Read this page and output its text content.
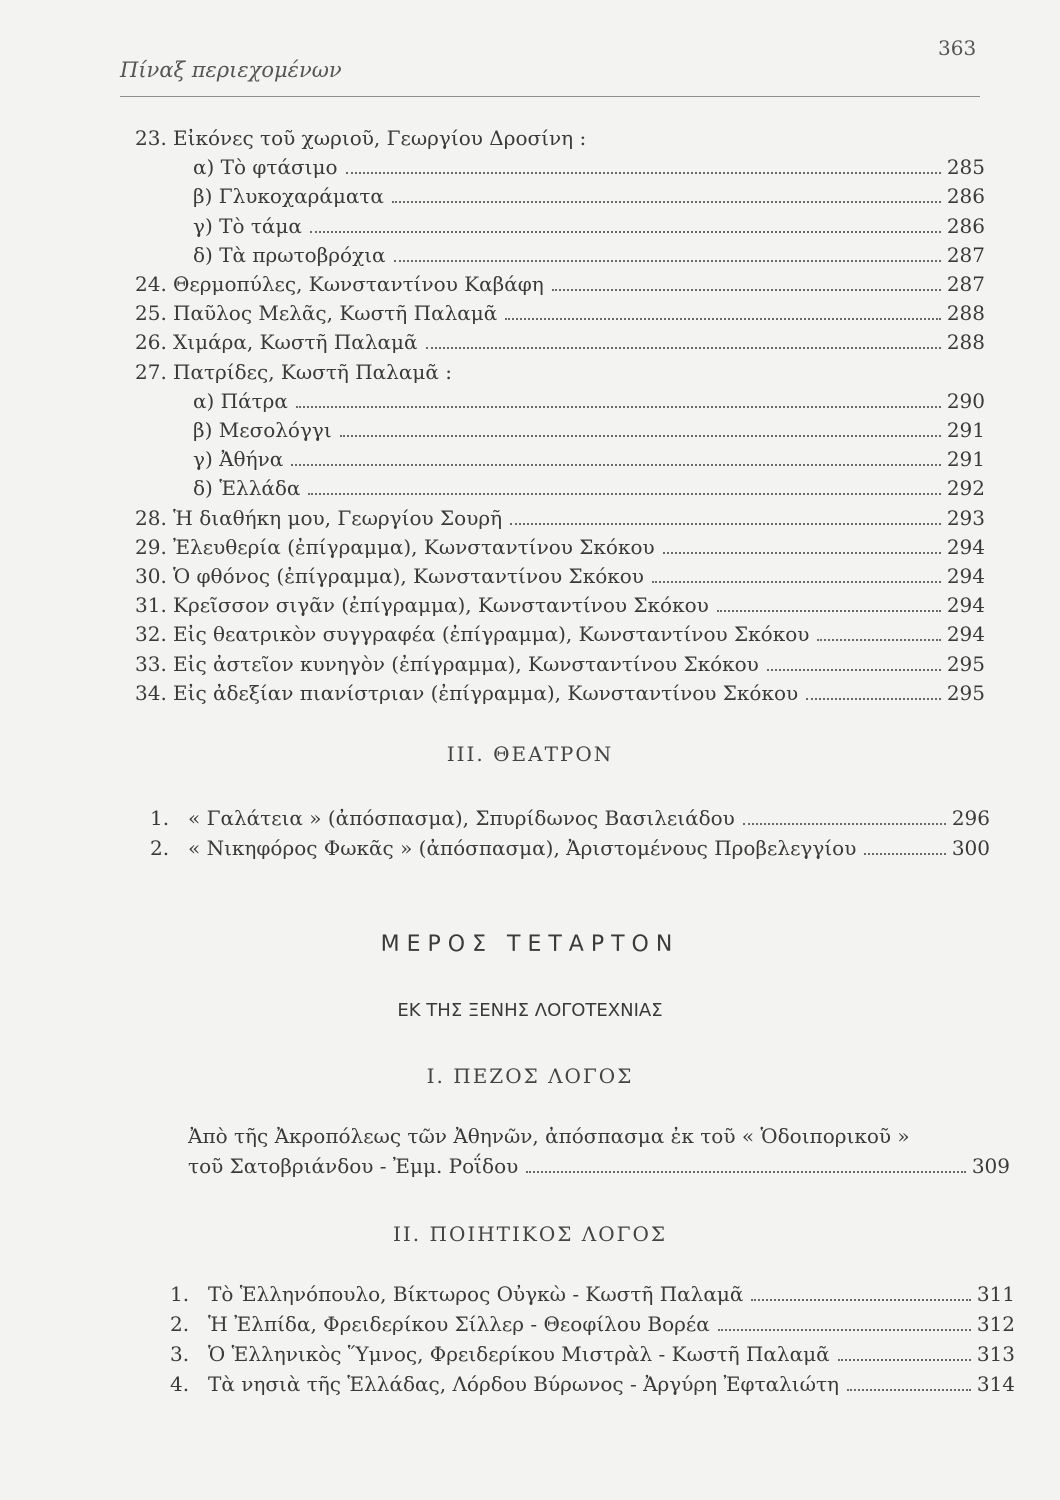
Πίναξ περιεχομένων
363
23. Εἰκόνες τοῦ χωριοῦ, Γεωργίου Δροσίνη :
α) Τὸ φτάσιμο	285
β) Γλυκοχαράματα	286
γ) Τὸ τάμα	286
δ) Τὰ πρωτοβρόχια	287
24. Θερμοπύλες, Κωνσταντίνου Καβάφη	287
25. Παῦλος Μελᾶς, Κωστῆ Παλαμᾶ	288
26. Χιμάρα, Κωστῆ Παλαμᾶ	288
27. Πατρίδες, Κωστῆ Παλαμᾶ :
α) Πάτρα	290
β) Μεσολόγγι	291
γ) Ἀθήνα	291
δ) Ἑλλάδα	292
28. Ἡ διαθήκη μου, Γεωργίου Σουρῆ	293
29. Ἐλευθερία (ἐπίγραμμα), Κωνσταντίνου Σκόκου	294
30. Ὁ φθόνος (ἐπίγραμμα), Κωνσταντίνου Σκόκου	294
31. Κρεῖσσον σιγᾶν (ἐπίγραμμα), Κωνσταντίνου Σκόκου	294
32. Εἰς θεατρικὸν συγγραφέα (ἐπίγραμμα), Κωνσταντίνου Σκόκου	294
33. Εἰς ἀστεῖον κυνηγὸν (ἐπίγραμμα), Κωνσταντίνου Σκόκου	295
34. Εἰς ἀδεξίαν πιανίστριαν (ἐπίγραμμα), Κωνσταντίνου Σκόκου	295
ΙΙΙ. ΘΕΑΤΡΟΝ
1. « Γαλάτεια » (ἀπόσπασμα), Σπυρίδωνος Βασιλειάδου	296
2. « Νικηφόρος Φωκᾶς » (ἀπόσπασμα), Ἀριστομένους Προβελεγγίου	300
ΜΕΡΟΣ ΤΕΤΑΡΤΟΝ
ΕΚ ΤΗΣ ΞΕΝΗΣ ΛΟΓΟΤΕΧΝΙΑΣ
Ι. ΠΕΖΟΣ ΛΟΓΟΣ
Ἀπὸ τῆς Ἀκροπόλεως τῶν Ἀθηνῶν, ἀπόσπασμα ἐκ τοῦ « Ὁδοιπορικοῦ »
τοῦ Σατοβριάνδου - Ἐμμ. Ροΐδου	309
ΙΙ. ΠΟΙΗΤΙΚΟΣ ΛΟΓΟΣ
1. Τὸ Ἑλληνόπουλο, Βίκτωρος Οὐγκὼ - Κωστῆ Παλαμᾶ	311
2. Ἡ Ἐλπίδα, Φρειδερίκου Σίλλερ - Θεοφίλου Βορέα	312
3. Ὁ Ἑλληνικὸς Ὕμνος, Φρειδερίκου Μιστρὰλ - Κωστῆ Παλαμᾶ	313
4. Τὰ νησιὰ τῆς Ἑλλάδας, Λόρδου Βύρωνος - Ἀργύρη Ἐφταλιώτη	314
